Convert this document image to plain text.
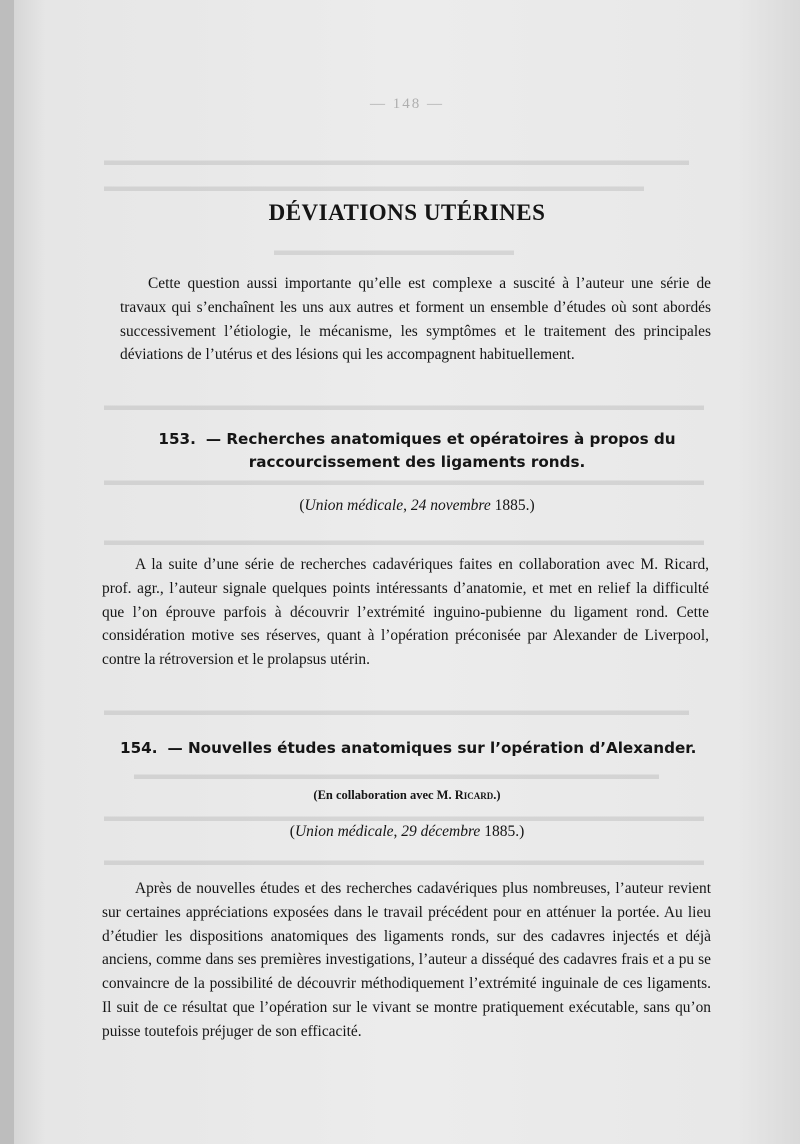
▬▬▬▬▬▬▬▬▬▬▬▬▬▬▬▬▬▬▬▬▬▬▬▬▬▬▬▬▬▬▬▬▬▬▬▬▬▬▬
▬▬▬▬▬▬▬▬▬▬▬▬▬▬▬▬▬▬▬▬▬▬▬▬▬▬▬▬▬▬▬▬▬▬▬▬
▬▬▬▬▬▬▬▬▬▬▬▬▬▬▬▬
▬▬▬▬▬▬▬▬▬▬▬▬▬▬▬▬▬▬▬▬▬▬▬▬▬▬▬▬▬▬▬▬▬▬▬▬▬▬▬▬
▬▬▬▬▬▬▬▬▬▬▬▬▬▬▬▬▬▬▬▬▬▬▬▬▬▬▬▬▬▬▬▬▬▬▬▬▬▬▬▬
▬▬▬▬▬▬▬▬▬▬▬▬▬▬▬▬▬▬▬▬▬▬▬▬▬▬▬▬▬▬▬▬▬▬▬▬▬▬▬▬
▬▬▬▬▬▬▬▬▬▬▬▬▬▬▬▬▬▬▬▬▬▬▬▬▬▬▬▬▬▬▬▬▬▬▬▬▬▬▬
▬▬▬▬▬▬▬▬▬▬▬▬▬▬▬▬▬▬▬▬▬▬▬▬▬▬▬▬▬▬▬▬▬▬▬
▬▬▬▬▬▬▬▬▬▬▬▬▬▬▬▬▬▬▬▬▬▬▬▬▬▬▬▬▬▬▬▬▬▬▬▬▬▬▬▬
▬▬▬▬▬▬▬▬▬▬▬▬▬▬▬▬▬▬▬▬▬▬▬▬▬▬▬▬▬▬▬▬▬▬▬▬▬▬▬▬
— 148 —
DÉVIATIONS UTÉRINES

Cette question aussi importante qu’elle est complexe a suscité à l’auteur une série de travaux qui s’enchaînent les uns aux autres et forment un ensemble d’études où sont abordés successivement l’étiologie, le mécanisme, les symptômes et le traitement des principales déviations de l’utérus et des lésions qui les accompagnent habituellement.

153. — Recherches anatomiques et opératoires à propos du raccourcissement des ligaments ronds.
(Union médicale, 24 novembre 1885.)

A la suite d’une série de recherches cadavériques faites en collaboration avec M. Ricard, prof. agr., l’auteur signale quelques points intéressants d’anatomie, et met en relief la difficulté que l’on éprouve parfois à découvrir l’extrémité inguino-pubienne du ligament rond. Cette considération motive ses réserves, quant à l’opération préconisée par Alexander de Liverpool, contre la rétroversion et le prolapsus utérin.

154. — Nouvelles études anatomiques sur l’opération d’Alexander.
(En collaboration avec M. Ricard.)
(Union médicale, 29 décembre 1885.)

Après de nouvelles études et des recherches cadavériques plus nombreuses, l’auteur revient sur certaines appréciations exposées dans le travail précédent pour en atténuer la portée. Au lieu d’étudier les dispositions anatomiques des ligaments ronds, sur des cadavres injectés et déjà anciens, comme dans ses premières investigations, l’auteur a disséqué des cadavres frais et a pu se convaincre de la possibilité de découvrir méthodiquement l’extrémité inguinale de ces ligaments. Il suit de ce résultat que l’opération sur le vivant se montre pratiquement exécutable, sans qu’on puisse toutefois préjuger de son efficacité.
